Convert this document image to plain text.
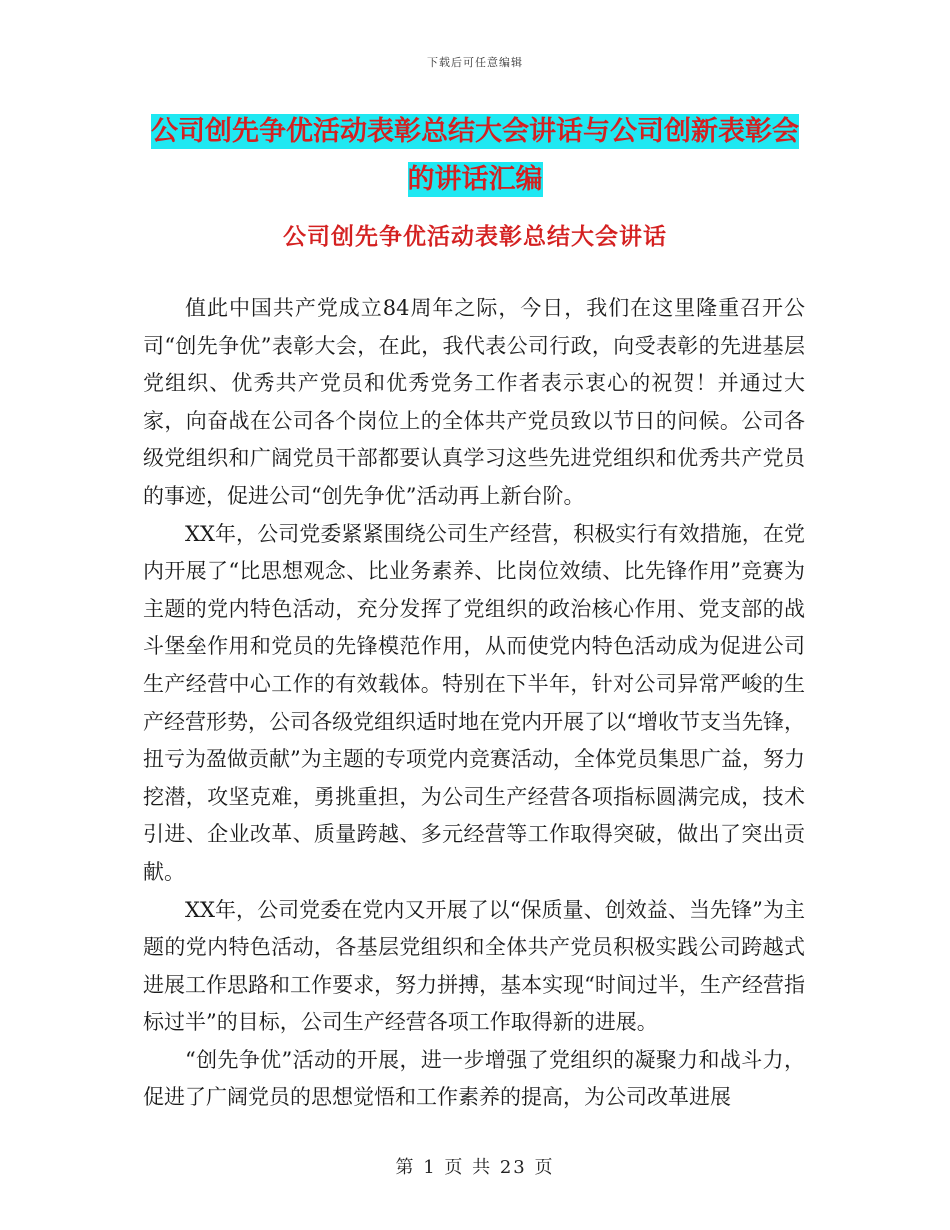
下载后可任意编辑
公司创先争优活动表彰总结大会讲话与公司创新表彰会的讲话汇编
公司创先争优活动表彰总结大会讲话

值此中国共产党成立84周年之际，今日，我们在这里隆重召开公司“创先争优”表彰大会，在此，我代表公司行政，向受表彰的先进基层党组织、优秀共产党员和优秀党务工作者表示衷心的祝贺！并通过大家，向奋战在公司各个岗位上的全体共产党员致以节日的问候。公司各级党组织和广阔党员干部都要认真学习这些先进党组织和优秀共产党员的事迹，促进公司“创先争优”活动再上新台阶。

XX年，公司党委紧紧围绕公司生产经营，积极实行有效措施，在党内开展了“比思想观念、比业务素养、比岗位效绩、比先锋作用”竞赛为主题的党内特色活动，充分发挥了党组织的政治核心作用、党支部的战斗堡垒作用和党员的先锋模范作用，从而使党内特色活动成为促进公司生产经营中心工作的有效载体。特别在下半年，针对公司异常严峻的生产经营形势，公司各级党组织适时地在党内开展了以“增收节支当先锋，扭亏为盈做贡献”为主题的专项党内竞赛活动，全体党员集思广益，努力挖潜，攻坚克难，勇挑重担，为公司生产经营各项指标圆满完成，技术引进、企业改革、质量跨越、多元经营等工作取得突破，做出了突出贡献。

XX年，公司党委在党内又开展了以“保质量、创效益、当先锋”为主题的党内特色活动，各基层党组织和全体共产党员积极实践公司跨越式进展工作思路和工作要求，努力拼搏，基本实现“时间过半，生产经营指标过半”的目标，公司生产经营各项工作取得新的进展。

“创先争优”活动的开展，进一步增强了党组织的凝聚力和战斗力，促进了广阔党员的思想觉悟和工作素养的提高，为公司改革进展

第 1 页 共 23 页
